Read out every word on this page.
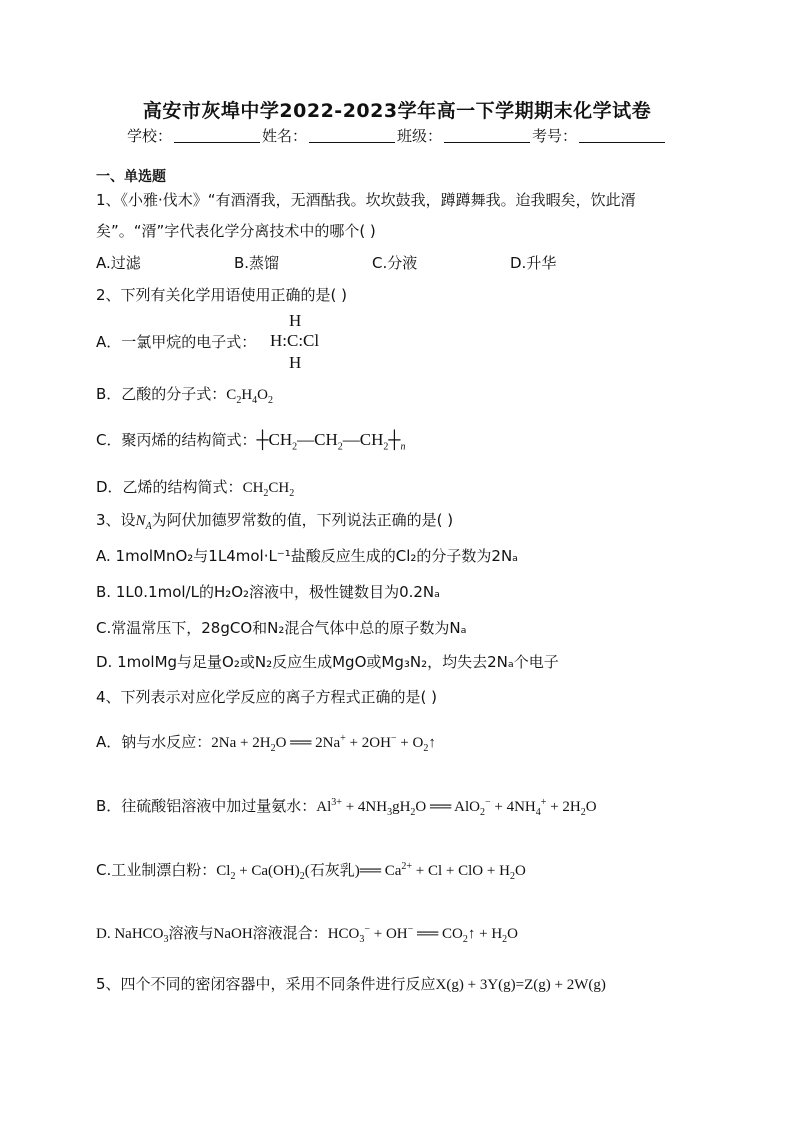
高安市灰埠中学2022-2023学年高一下学期期末化学试卷
学校：	姓名：	班级：	考号：
一、单选题
1、《小雅·伐木》“有酒湑我，无酒酤我。坎坎鼓我，蹲蹲舞我。迨我暇矣，饮此湑
矣”。“湑”字代表化学分离技术中的哪个( )
A.过滤	B.蒸馏	C.分液	D.升华
2、下列有关化学用语使用正确的是( )
A．一氯甲烷的电子式：
H
H:C:Cl
H
B．乙酸的分子式：$C_2H_4O_2$
C．聚丙烯的结构简式：$┼CH_2—CH_2—CH_2┼_n$
D．乙烯的结构简式：$CH_2CH_2$
3、设$N_A$为阿伏加德罗常数的值，下列说法正确的是( )
A. 1molMnO₂与1L4mol·L⁻¹盐酸反应生成的Cl₂的分子数为2Nₐ
B. 1L0.1mol/L的H₂O₂溶液中，极性键数目为0.2Nₐ
C.常温常压下，28gCO和N₂混合气体中总的原子数为Nₐ
D. 1molMg与足量O₂或N₂反应生成MgO或Mg₃N₂，均失去2Nₐ个电子
4、下列表示对应化学反应的离子方程式正确的是( )
A．钠与水反应：$2Na + 2H_2O$ ══ $2Na^+ + 2OH^- + O_2↑$
B．往硫酸铝溶液中加过量氨水：$Al^{3+} + 4NH_3gH_2O$ ══ $AlO_2^- + 4NH_4^+ + 2H_2O$
C.工业制漂白粉：$Cl_2 + Ca(OH)_2$(石灰乳)══ $Ca^{2+} + Cl$ + ClO + $H_2O$
D. NaHCO$_3$溶液与NaOH溶液混合：$HCO_3^- + OH^-$ ══ $CO_2↑ + H_2O$
5、四个不同的密闭容器中，采用不同条件进行反应X(g) + 3Y(g)=Z(g) + 2W(g)
